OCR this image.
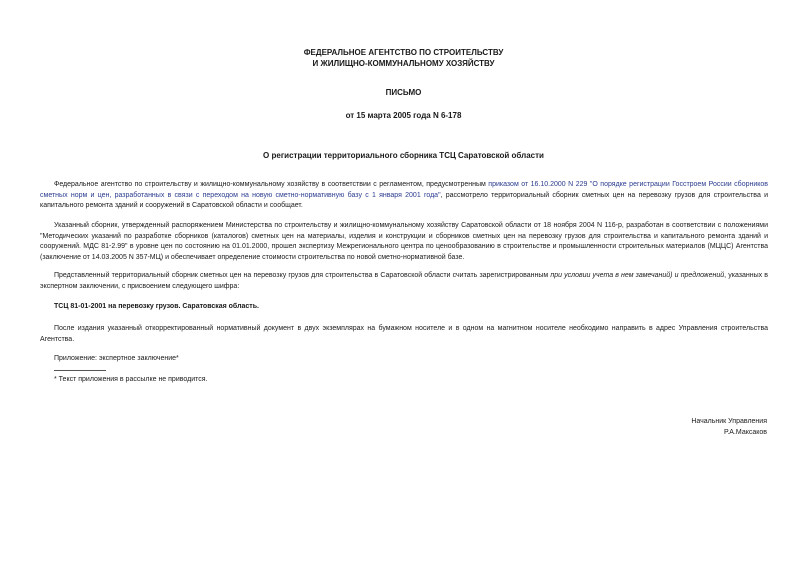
ФЕДЕРАЛЬНОЕ АГЕНТСТВО ПО СТРОИТЕЛЬСТВУ
И ЖИЛИЩНО-КОММУНАЛЬНОМУ ХОЗЯЙСТВУ
ПИСЬМО
от 15 марта 2005 года N 6-178
О регистрации территориального сборника ТСЦ Саратовской области
Федеральное агентство по строительству и жилищно-коммунальному хозяйству в соответствии с регламентом, предусмотренным приказом от 16.10.2000 N 229 "О порядке регистрации Госстроем России сборников сметных норм и цен, разработанных в связи с переходом на новую сметно-нормативную базу с 1 января 2001 года", рассмотрело территориальный сборник сметных цен на перевозку грузов для строительства и капитального ремонта зданий и сооружений в Саратовской области и сообщает.
Указанный сборник, утвержденный распоряжением Министерства по строительству и жилищно-коммунальному хозяйству Саратовской области от 18 ноября 2004 N 116-р, разработан в соответствии с положениями "Методических указаний по разработке сборников (каталогов) сметных цен на материалы, изделия и конструкции и сборников сметных цен на перевозку грузов для строительства и капитального ремонта зданий и сооружений. МДС 81-2.99" в уровне цен по состоянию на 01.01.2000, прошел экспертизу Межрегионального центра по ценообразованию в строительстве и промышленности строительных материалов (МЦЦС) Агентства (заключение от 14.03.2005 N 357-МЦ) и обеспечивает определение стоимости строительства по новой сметно-нормативной базе.
Представленный территориальный сборник сметных цен на перевозку грузов для строительства в Саратовской области считать зарегистрированным при условии учета в нем замечаний) и предложений, указанных в экспертном заключении, с присвоением следующего шифра:
ТСЦ 81-01-2001 на перевозку грузов. Саратовская область.
После издания указанный откорректированный нормативный документ в двух экземплярах на бумажном носителе и в одном на магнитном носителе необходимо направить в адрес Управления строительства Агентства.
Приложение: экспертное заключение*
* Текст приложения в рассылке не приводится.
Начальник Управления
Р.А.Максаков
